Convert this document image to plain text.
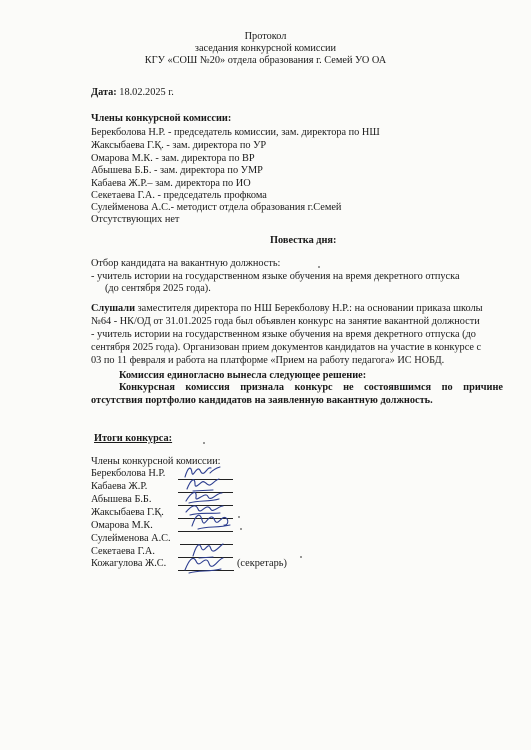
Протокол
заседания конкурсной комиссии
КГУ «СОШ №20» отдела образования г. Семей УО ОА
Дата: 18.02.2025 г.
Члены конкурсной комиссии:
Берекболова Н.Р. - председатель комиссии, зам. директора по НШ
Жаксыбаева Г.Қ. - зам. директора по УР
Омарова М.К. - зам. директора по ВР
Абышева Б.Б. - зам. директора по УМР
Кабаева Ж.Р.– зам. директора по ИО
Секетаева Г.А. - председатель профкома
Сулейменова А.С.- методист отдела образования г.Семей
Отсутствующих нет
Повестка дня:
Отбор кандидата на вакантную должность:
- учитель истории на государственном языке обучения на время декретного отпуска
(до сентября 2025 года).
Слушали заместителя директора по НШ Берекболову Н.Р.: на основании приказа школы
№64 - НК/ОД от 31.01.2025 года был объявлен конкурс на занятие вакантной должности
- учитель истории на государственном языке обучения на время декретного отпуска (до
сентября 2025 года). Организован прием документов кандидатов на участие в конкурсе с
03 по 11 февраля и работа на платформе «Прием на работу педагога» ИС НОБД.
Комиссия единогласно вынесла следующее решение:
Конкурсная комиссия признала конкурс не состоявшимся по причине
отсутствия портфолио кандидатов на заявленную вакантную должность.
Итоги конкурса:
Члены конкурсной комиссии:
Берекболова Н.Р.
Кабаева Ж.Р.
Абышева Б.Б.
Жаксыбаева Г.Қ.
Омарова М.К.
Сулейменова А.С.
Секетаева Г.А.
Кожагулова Ж.С.	(секретарь)
